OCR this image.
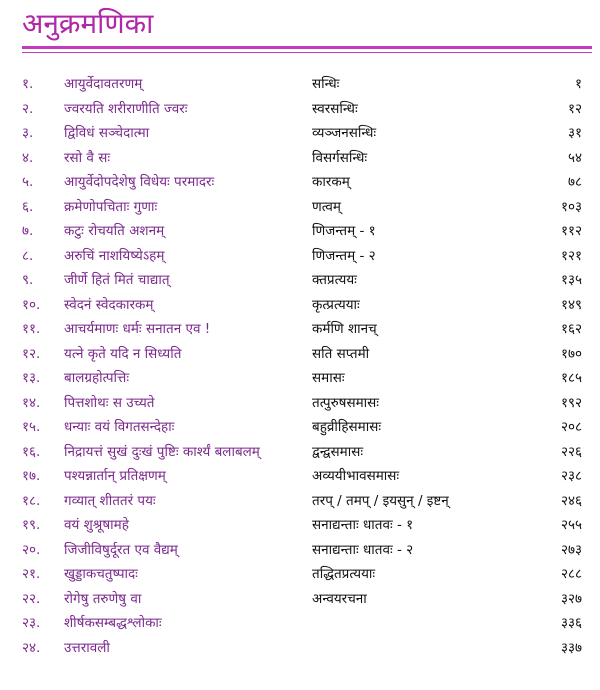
अनुक्रमणिका
१. आयुर्वेदावतरणम्	सन्धिः	१
२. ज्वरयति शरीराणीति ज्वरः	स्वरसन्धिः	१२
३. द्विविधं सञ्चेदात्मा	व्यञ्जनसन्धिः	३१
४. रसो वै सः	विसर्गसन्धिः	५४
५. आयुर्वेदोपदेशेषु विधेयः परमादरः	कारकम्	७८
६. क्रमेणोपचिताः गुणाः	णत्वम्	१०३
७. कटुः रोचयति अशनम्	णिजन्तम् - १	११२
८. अरुचिं नाशयिष्येऽहम्	णिजन्तम् - २	१२१
९. जीर्णे हितं मितं चाद्यात्	क्तप्रत्ययः	१३५
१०. स्वेदनं स्वेदकारकम्	कृत्प्रत्ययाः	१४९
११. आचर्यमाणः धर्मः सनातन एव !	कर्मणि शानच्	१६२
१२. यत्ने कृते यदि न सिध्यति	सति सप्तमी	१७०
१३. बालग्रहोत्पत्तिः	समासः	१८५
१४. पित्तशोथः स उच्यते	तत्पुरुषसमासः	१९२
१५. धन्याः वयं विगतसन्देहाः	बहुव्रीहिसमासः	२०८
१६. निद्रायत्तं सुखं दुःखं पुष्टिः कार्श्यं बलाबलम्	द्वन्द्वसमासः	२२६
१७. पश्यन्नार्तान् प्रतिक्षणम्	अव्ययीभावसमासः	२३८
१८. गव्यात् शीततरं पयः	तरप् / तमप् / इयसुन् / इष्टन्	२४६
१९. वयं शुश्रूषामहे	सनाद्यन्ताः धातवः - १	२५५
२०. जिजीविषुर्दूरत एव वैद्यम्	सनाद्यन्ताः धातवः - २	२७३
२१. खुड्डाकचतुष्पादः	तद्धितप्रत्ययाः	२८८
२२. रोगेषु तरुणेषु वा	अन्वयरचना	३२७
२३. शीर्षकसम्बद्धश्लोकाः	३३६
२४. उत्तरावली	३३७
